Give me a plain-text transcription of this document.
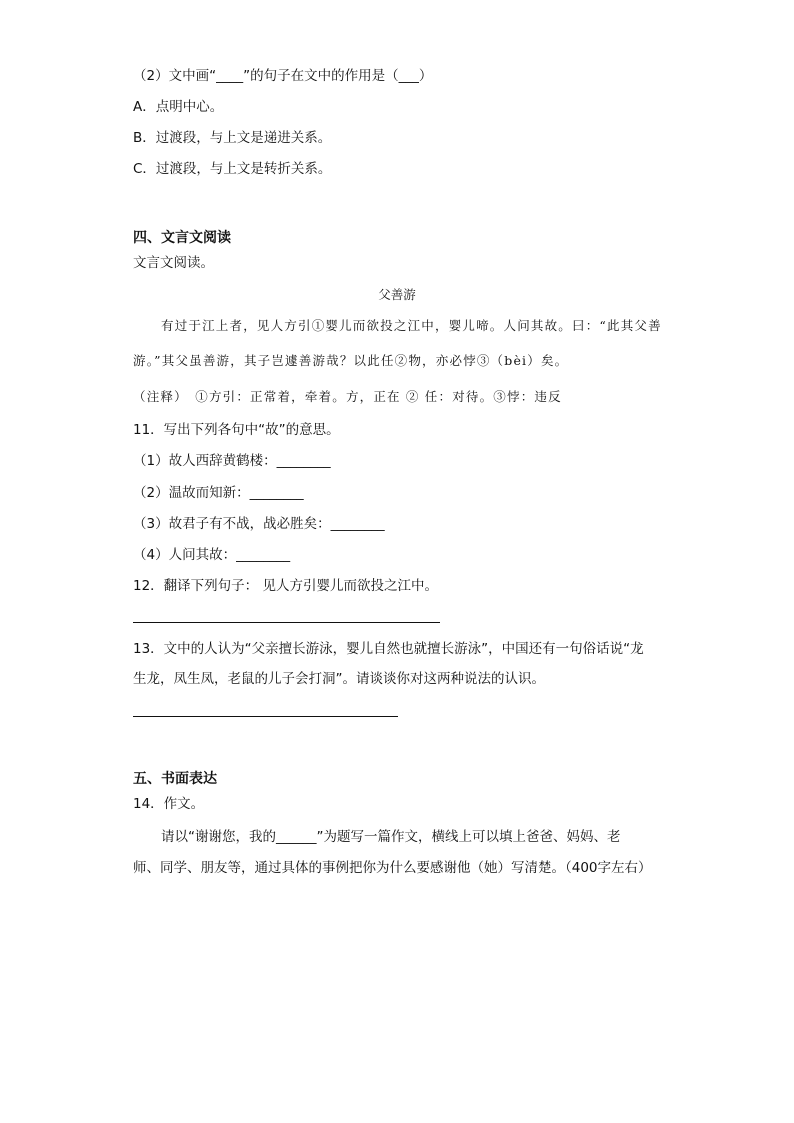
（2）文中画“____”的句子在文中的作用是（___）
A．点明中心。
B．过渡段，与上文是递进关系。
C．过渡段，与上文是转折关系。
四、文言文阅读
文言文阅读。
父善游
有过于江上者，见人方引①婴儿而欲投之江中，婴儿啼。人问其故。曰：“此其父善
游。”其父虽善游，其子岂遽善游哉？以此任②物，亦必悖③（bèi）矣。
（注释）　①方引：正常着，牵着。方，正在 ② 任：对待。③悖：违反
11．写出下列各句中“故”的意思。
（1）故人西辞黄鹤楼：________
（2）温故而知新：________
（3）故君子有不战，战必胜矣：________
（4）人问其故：________
12．翻译下列句子： 见人方引婴儿而欲投之江中。
13．文中的人认为“父亲擅长游泳，婴儿自然也就擅长游泳”，中国还有一句俗话说“龙
生龙，凤生凤，老鼠的儿子会打洞”。请谈谈你对这两种说法的认识。
五、书面表达
14．作文。
请以“谢谢您，我的______”为题写一篇作文，横线上可以填上爸爸、妈妈、老
师、同学、朋友等，通过具体的事例把你为什么要感谢他（她）写清楚。（400字左右）
